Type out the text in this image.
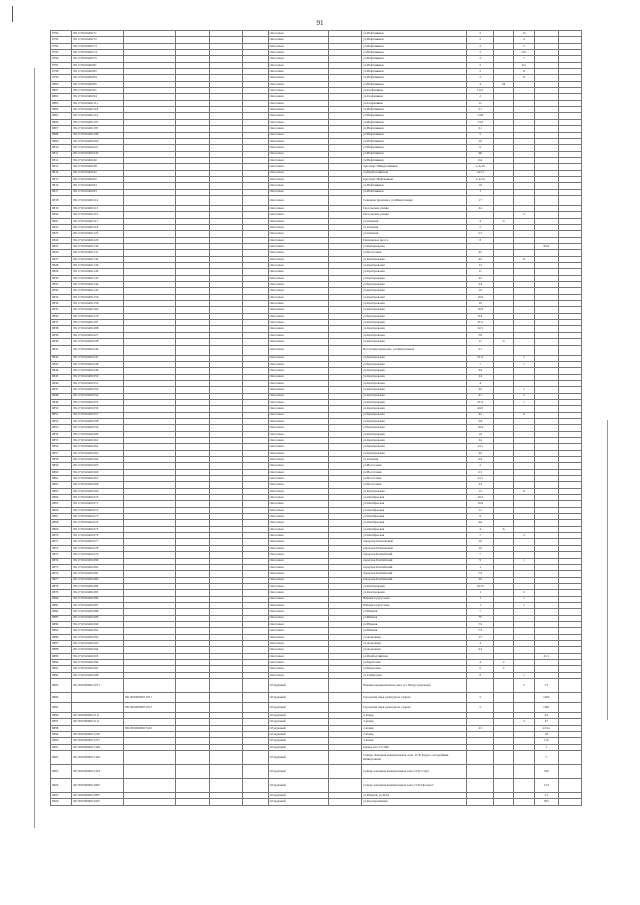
91
9792	86:17:0010406:71					г.Когалым		ул.Нефтяников	2		15		
9793	86:17:0010406:72					г.Когалым		ул.Нефтяников	2		4		
9794	86:17:0010406:73					г.Когалым		ул.Нефтяников	2		5		
9795	86:17:0010406:74					г.Когалым		ул.Нефтяников	2		19/1		
9796	86:17:0010406:75					г.Когалым		ул.Нефтяников	2		7		
9797	86:17:0010406:81					г.Когалым		ул.Нефтяников	2		9/1		
9798	86:17:0010406:82					г.Когалым		ул.Нефтяников	2		11		
9799	86:17:0010406:84					г.Когалым		ул.Нефтяников	2		8		
9800	86:17:0010406:85					г.Когалым		ул.Нефтяников	4	28			
9801	86:17:0010406:91					г.Когалым		ул.Геофизиков	1А/1				
9802	86:17:0010406:94					г.Когалым		ул.Геофизиков	2				
9803	86:17:0010406:111					г.Когалым		ул.Геофизиков	11				
9804	86:17:0010406:118					г.Когалым		ул.Нефтяников	21				
9805	86:17:0010406:119					г.Когалым		ул.Нефтяников	13/8				
9806	86:17:0010406:197					г.Когалым		ул.Нефтяников	13/5				
9807	86:17:0010406:197					г.Когалым		ул.Нефтяников	21				
9808	86:17:0010406:198					г.Когалым		ул.Нефтяников	5				
9809	86:17:0010406:200					г.Когалым		ул.Нефтяников	10				
9810	86:17:0010406:221					г.Когалым		ул.Нефтяников	6				
9811	86:17:0010406:245					г.Когалым		ул.Нефтяников	9Б				
9812	86:17:0010406:40					г.Когалым		ул.Нефтяников	6А				
9813	86:17:0010406:38					г.Когалым		проспект Шмидтовников	1-А/10				
9814	86:17:0010406:42					г.Когалым		ул.Прибалтийская	1А/11				
9815	86:17:0010406:92					г.Когалым		проспект Нефтяников	1-А/12				
9816	86:17:0010406:93					г.Когалым		ул.Нефтяников	19				
9817	86:17:0010406:93					г.Когалым		ул.Нефтяников	1				
9818	86:17:0010406:114					г.Когалым		Северная промзона, ул.Шмидтовцев	17				
9819	86:17:0010406:115					г.Когалым		Посольские улицы	24				
9820	86:17:0010406:116					г.Когалым		Посольские улицы			4		
9821	86:17:0010406:117					г.Когалым		ул.Озерная	4	4			
9822	86:17:0010406:118					г.Когалым		ул.Озерная	5				
9823	86:17:0010406:122					г.Когалым		ул.Озерная	5/1				
9824	86:17:0010406:129					г.Когалым		Повховское шоссе	8				
9825	86:17:0010406:130					г.Когалым		ул.Центральная				9б/6	
9826	86:17:0010406:131					г.Когалым		ул.Восточная	42				
9827	86:17:0010406:134					г.Когалым		ул.Центральная	42		11		
9828	86:17:0010406:139					г.Когалым		ул.Центральная	13				
9829	86:17:0010406:142					г.Когалым		ул.Центральная	11				
9830	86:17:0010406:143					г.Когалым		ул.Центральная	42				
9831	86:17:0010406:144					г.Когалым		ул.Центральная	3/4				
9832	86:17:0010406:145					г.Когалым		ул.Центральная	16				
9833	86:17:0010406:156					г.Когалым		ул.Центральная	10/2				
9834	86:17:0010406:158					г.Когалым		ул.Центральная	19				
9835	86:17:0010406:169					г.Когалым		ул.Центральная	10/3				
9836	86:17:0010406:176					г.Когалым		ул.Центральная	8/4				
9837	86:17:0010406:187					г.Когалым		ул.Центральная	21/5				
9838	86:17:0010406:208					г.Когалым		ул.Центральная	32/1				
9839	86:17:0010406:227					г.Когалым		ул.Центральная	39				
9840	86:17:0010406:228					г.Когалым		ул.Центральная	11	4			
9841	86:17:0010406:244					г.Когалым		Восточная промзона, ул.Центральная	21				
9842	86:17:0010406:247					г.Когалым		ул.Центральная	21/2		1		
9843	86:17:0010406:248					г.Когалым		ул.Центральная	7		1		
9844	86:17:0010406:249					г.Когалым		ул.Центральная	3/4				
9845	86:17:0010406:250					г.Когалым		ул.Центральная	24				
9846	86:17:0010406:251					г.Когалым		ул.Центральная	4				
9847	86:17:0010406:252					г.Когалым		ул.Центральная	42		1		
9848	86:17:0010406:254					г.Когалым		ул.Центральная	41		2		
9849	86:17:0010406:255					г.Когалым		ул.Центральная	21/2		1		
9850	86:17:0010406:256					г.Когалым		ул.Центральная	40/2				
9851	86:17:0010406:257					г.Когалым		ул.Центральная	42		6		
9852	86:17:0010406:258					г.Когалым		ул.Центральная	3/6				
9853	86:17:0010406:259					г.Когалым		ул.Центральная	10/4				
9854	86:17:0010406:260					г.Когалым		ул.Центральная	16				
9855	86:17:0010406:261					г.Когалым		ул.Центральная	24				
9856	86:17:0010406:262					г.Когалым		ул.Центральная	2/11				
9857	86:17:0010406:263					г.Когалым		ул.Центральная	42				
9858	86:17:0010406:264					г.Когалым		ул.Озерная	6/4				
9859	86:17:0010406:265					г.Когалым		ул.Восточная	2				
9860	86:17:0010406:266					г.Когалым		ул.Восточная	2/1				
9861	86:17:0010406:267					г.Когалым		ул.Восточная	2/11				
9862	86:17:0010406:268					г.Когалым		ул.Восточная	24				
9863	86:17:0010406:269					г.Когалым		ул.Центральная	12		9		
9864	86:17:0010406:270					г.Когалым		ул.Октябрьская	10/1				
9865	86:17:0010406:271					г.Когалым		ул.Октябрьская	10/4				
9866	86:17:0010406:272					г.Когалым		ул.Октябрьская	11				
9867	86:17:0010406:273					г.Когалым		ул.Октябрьская	9				
9868	86:17:0010406:274					г.Когалым		ул.Октябрьская	4А				
9869	86:17:0010406:275					г.Когалым		ул.Октябрьская	4	А			
9870	86:17:0010406:276					г.Когалым		ул.Октябрьская	7		3		
9871	86:17:0010406:277					г.Когалым		переулок Повховский	10				
9872	86:17:0010406:278					г.Когалым		переулок Повховский	10				
9873	86:17:0010406:279					г.Когалым		переулок Балтийский	7				
9874	86:17:0010406:280					г.Когалым		переулок Балтийский	9		1		
9875	86:17:0010406:281					г.Когалым		переулок Балтийский	1				
9876	86:17:0010406:282					г.Когалым		переулок Балтийский	7/2				
9877	86:17:0010406:283					г.Когалым		переулок Балтийский	20				
9878	86:17:0010406:284					г.Когалым		ул.Центральная	10/15				
9879	86:17:0010406:285					г.Когалым		ул.Центральная	1		2		
9880	86:17:0010406:286					г.Когалым		Южная Сургутская	1		1		
9881	86:17:0010406:287					г.Когалым		Южная Сургутская	1		1		
9882	86:17:0010406:288					г.Когалым		ул.Южная	7				
9883	86:17:0010406:289					г.Когалым		ул.Южная	7б				
9884	86:17:0010406:290					г.Когалым		ул.Южная	7/2				
9885	86:17:0010406:291					г.Когалым		ул.Южная	7/3				
9886	86:17:0010406:292					г.Когалым		ул.Дорожная	17				
9887	86:17:0010406:293					г.Когалым		ул.Дорожная	4				
9888	86:17:0010406:294					г.Когалым		ул.Дорожная	24				
9889	86:17:0010406:295					г.Когалым		ул.Прибалтийская				21/1	
9890	86:17:0010406:296					г.Когалым		ул.Береговая	4	2			
9891	86:17:0010406:297					г.Когалым		ул.Береговая	6	2			
9892	86:17:0010406:298					г.Когалым		ул.Сибирская	8		1		
9893	86:18:0000000:1071					г.Радужный		Южная промышленная зона, пл. Индустриальная			3	13	
9894		86:18:0000000:1071				г.Радужный		Городской парк культуры и отдыха	5			1062	
9895		86:18:0000000:1072				г.Радужный		Городской парк культуры и отдыха	5			1061	
9896	86:18:0000000:1111					г.Радужный		2-й мкр				45	
9897	86:18:0000000:1111					г.Радужный		2-й мкр			3	47	
9898		86:18:0000000:7243				г.Радужный		2-й мкр	23			22/1а	
9899	86:18:0000000:1250					г.Радужный		2-й мкр				18	
9900	86:18:0000000:1257					г.Радужный		3-й мкр				11б	
9901	86:18:0000000:1349					г.Радужный		южнее пос.СУ-940				1	
9902	86:18:0000000:1340					г.Радужный		Северо-Западная коммунальная зона, ГСК Радуга, застройщик Шмидтовцев				7	
9903	86:18:0000000:1433					г.Радужный		Северо-западная коммунальная зона, ГСК Старт				329	
9904	86:18:0000000:1895					г.Радужный		Северо-западная коммунальная зона, ГСК Прогресс				123	
9905	86:18:0000000:1897					г.Радужный		ул.Южная, ул.Н.24				51	
9906	86:18:0000000:1907					г.Радужный		ул.Кооперативная				305	
